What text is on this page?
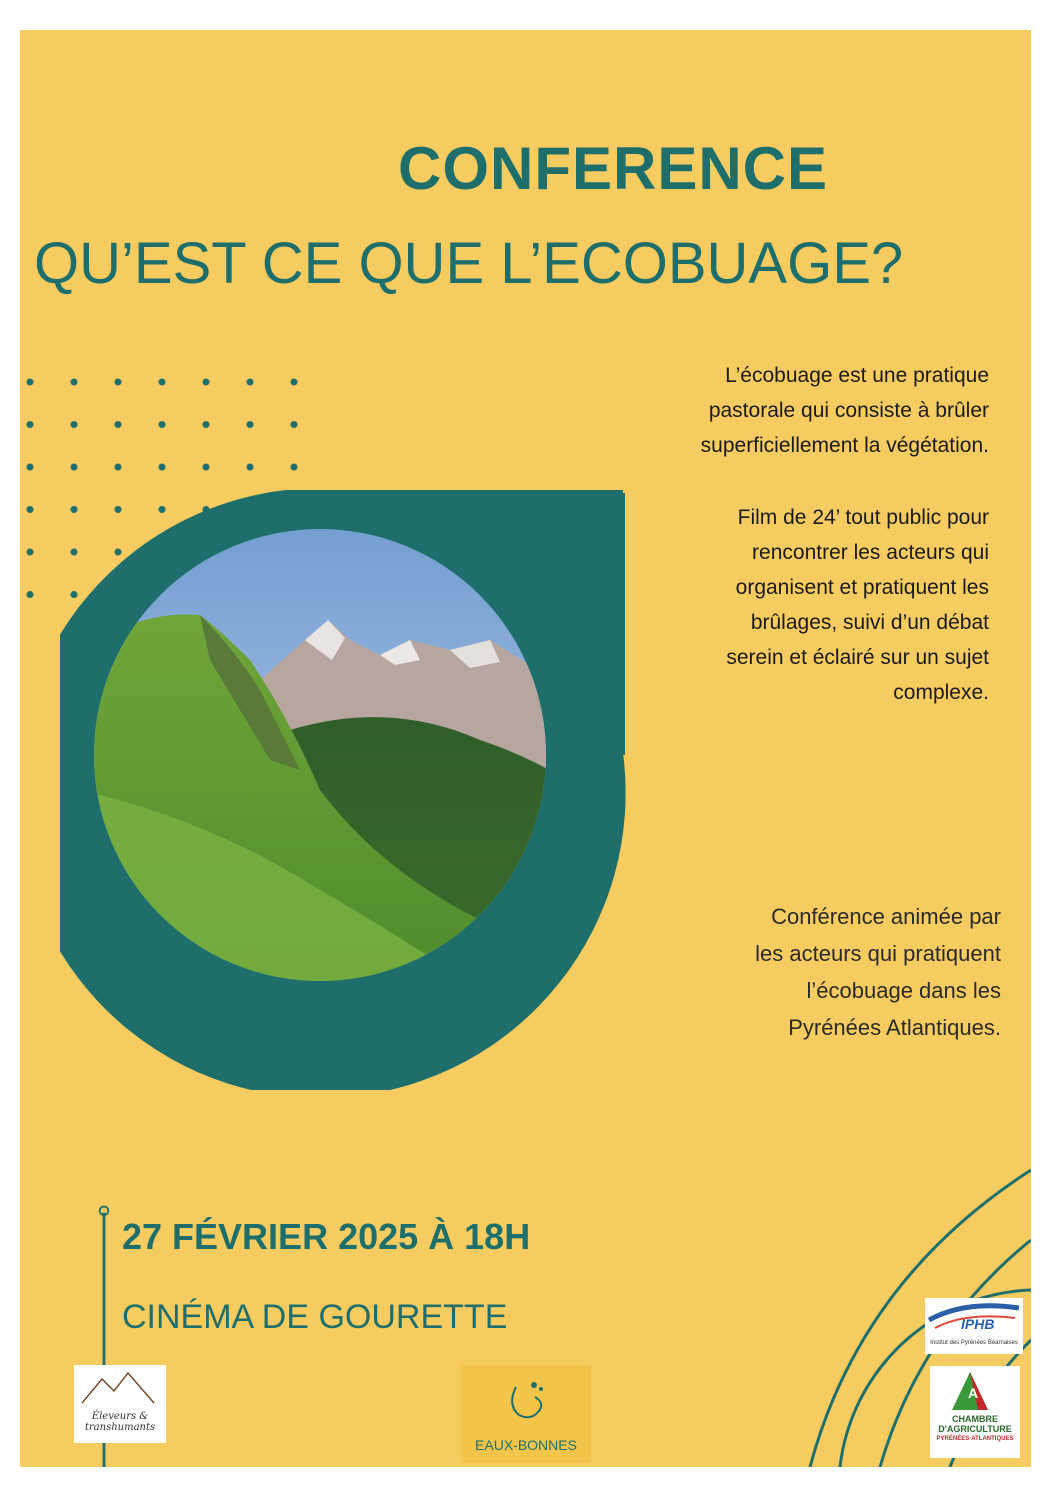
CONFERENCE
QU’EST CE QUE L’ECOBUAGE?
L’écobuage est une pratique
pastorale qui consiste à brûler
superficiellement la végétation.
Film de 24’ tout public pour
rencontrer les acteurs qui
organisent et pratiquent les
brûlages, suivi d’un débat
serein et éclairé sur un sujet
complexe.
Conférence animée par
les acteurs qui pratiquent
l’écobuage dans les
Pyrénées Atlantiques.
27 FÉVRIER 2025 À 18H
CINÉMA DE GOURETTE
Éleveurs & transhumants
EAUX-BONNES
IPHB
Institut des Pyrénées Béarnaises
A
CHAMBRE
D'AGRICULTURE
PYRÉNÉES-ATLANTIQUES
